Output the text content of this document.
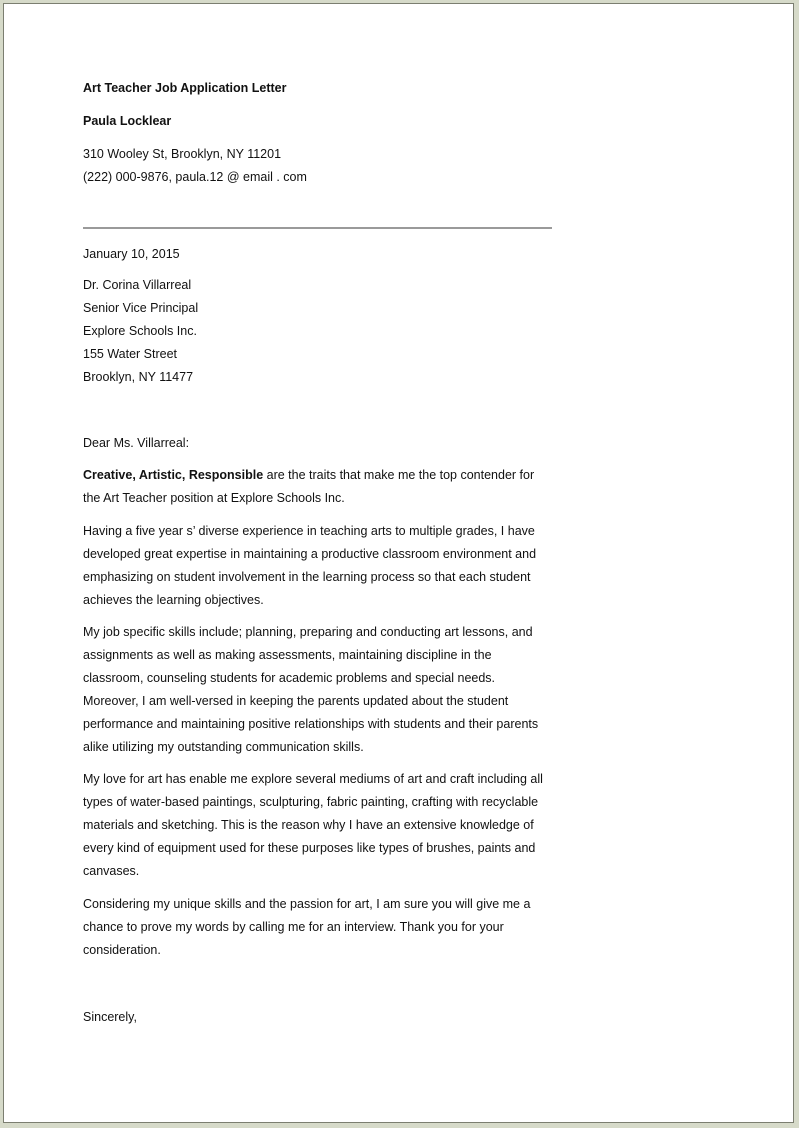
Art Teacher Job Application Letter
Paula Locklear
310 Wooley St, Brooklyn, NY 11201
(222) 000-9876, paula.12 @ email . com
January 10, 2015
Dr. Corina Villarreal
Senior Vice Principal
Explore Schools Inc.
155 Water Street
Brooklyn, NY 11477
Dear Ms. Villarreal:
Creative, Artistic, Responsible are the traits that make me the top contender for the Art Teacher position at Explore Schools Inc.
Having a five year s’ diverse experience in teaching arts to multiple grades, I have developed great expertise in maintaining a productive classroom environment and emphasizing on student involvement in the learning process so that each student achieves the learning objectives.
My job specific skills include; planning, preparing and conducting art lessons, and assignments as well as making assessments, maintaining discipline in the classroom, counseling students for academic problems and special needs. Moreover, I am well-versed in keeping the parents updated about the student performance and maintaining positive relationships with students and their parents alike utilizing my outstanding communication skills.
My love for art has enable me explore several mediums of art and craft including all types of water-based paintings, sculpturing, fabric painting, crafting with recyclable materials and sketching. This is the reason why I have an extensive knowledge of every kind of equipment used for these purposes like types of brushes, paints and canvases.
Considering my unique skills and the passion for art, I am sure you will give me a chance to prove my words by calling me for an interview. Thank you for your consideration.
Sincerely,
